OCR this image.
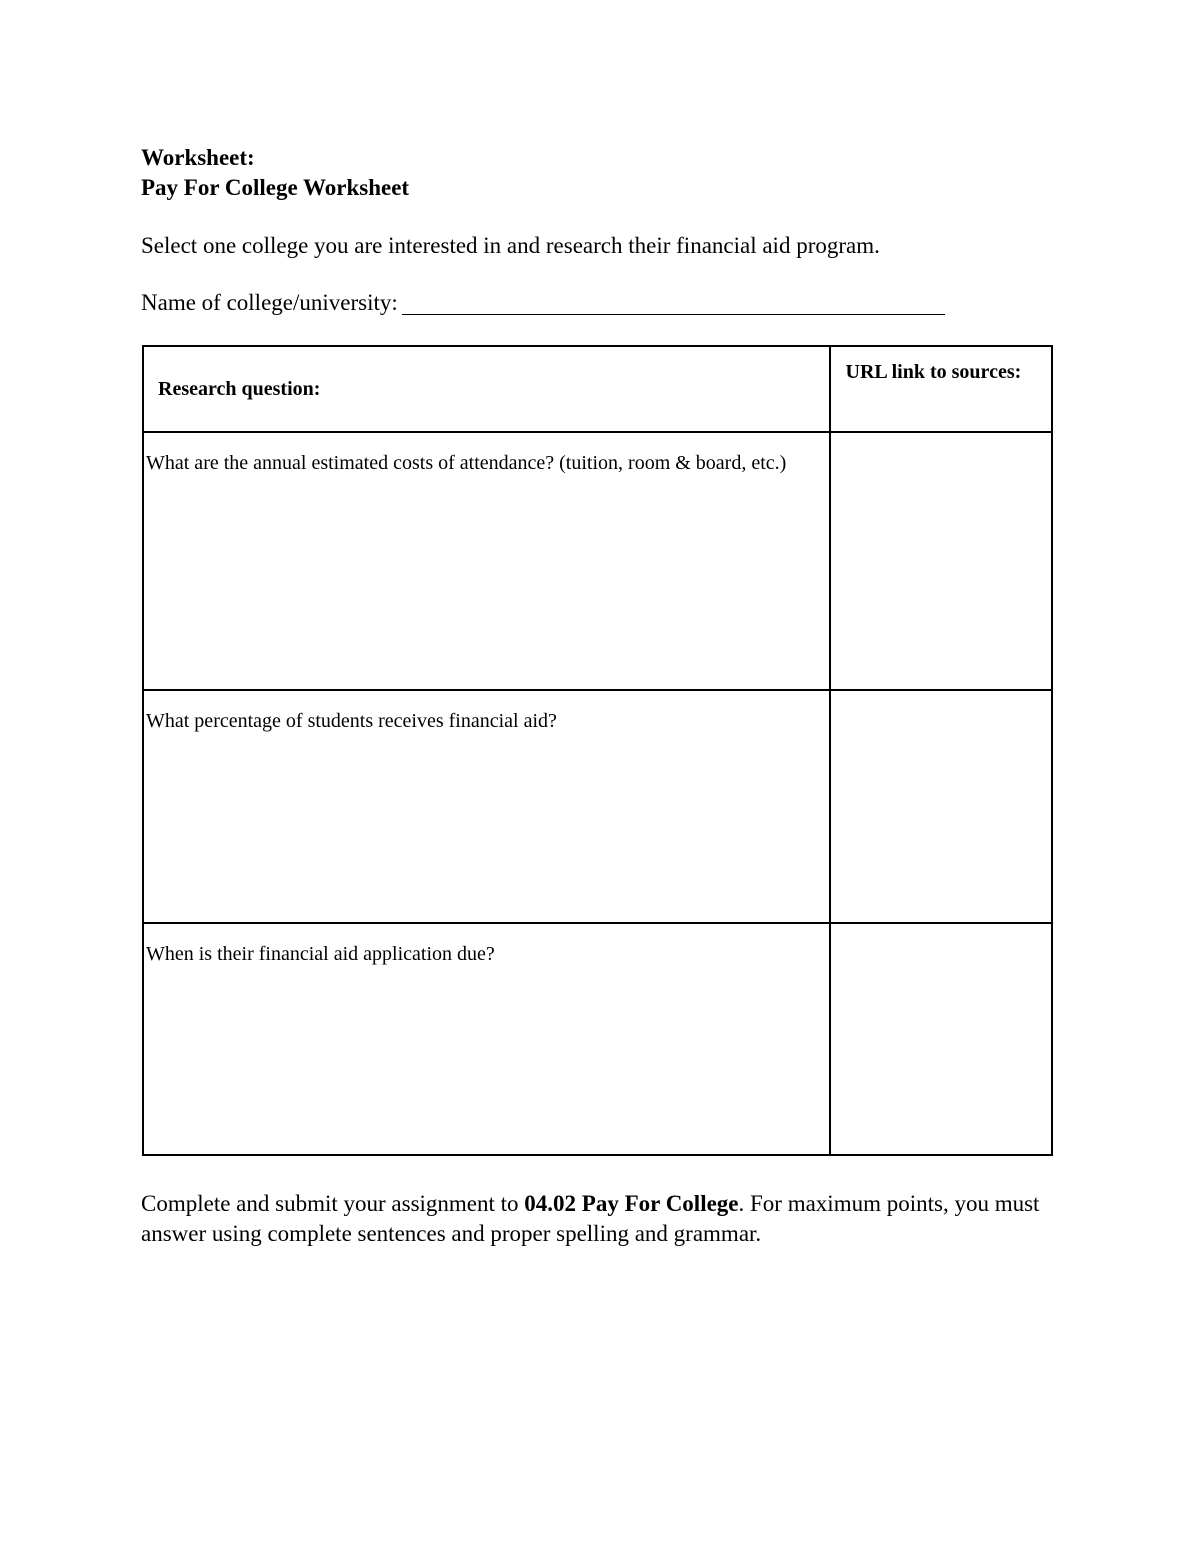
Worksheet:
Pay For College Worksheet
Select one college you are interested in and research their financial aid program.
Name of college/university:
Research question:	URL link to sources:
What are the annual estimated costs of attendance? (tuition, room & board, etc.)	
What percentage of students receives financial aid?	
When is their financial aid application due?	
Complete and submit your assignment to 04.02 Pay For College. For maximum points, you must answer using complete sentences and proper spelling and grammar.
